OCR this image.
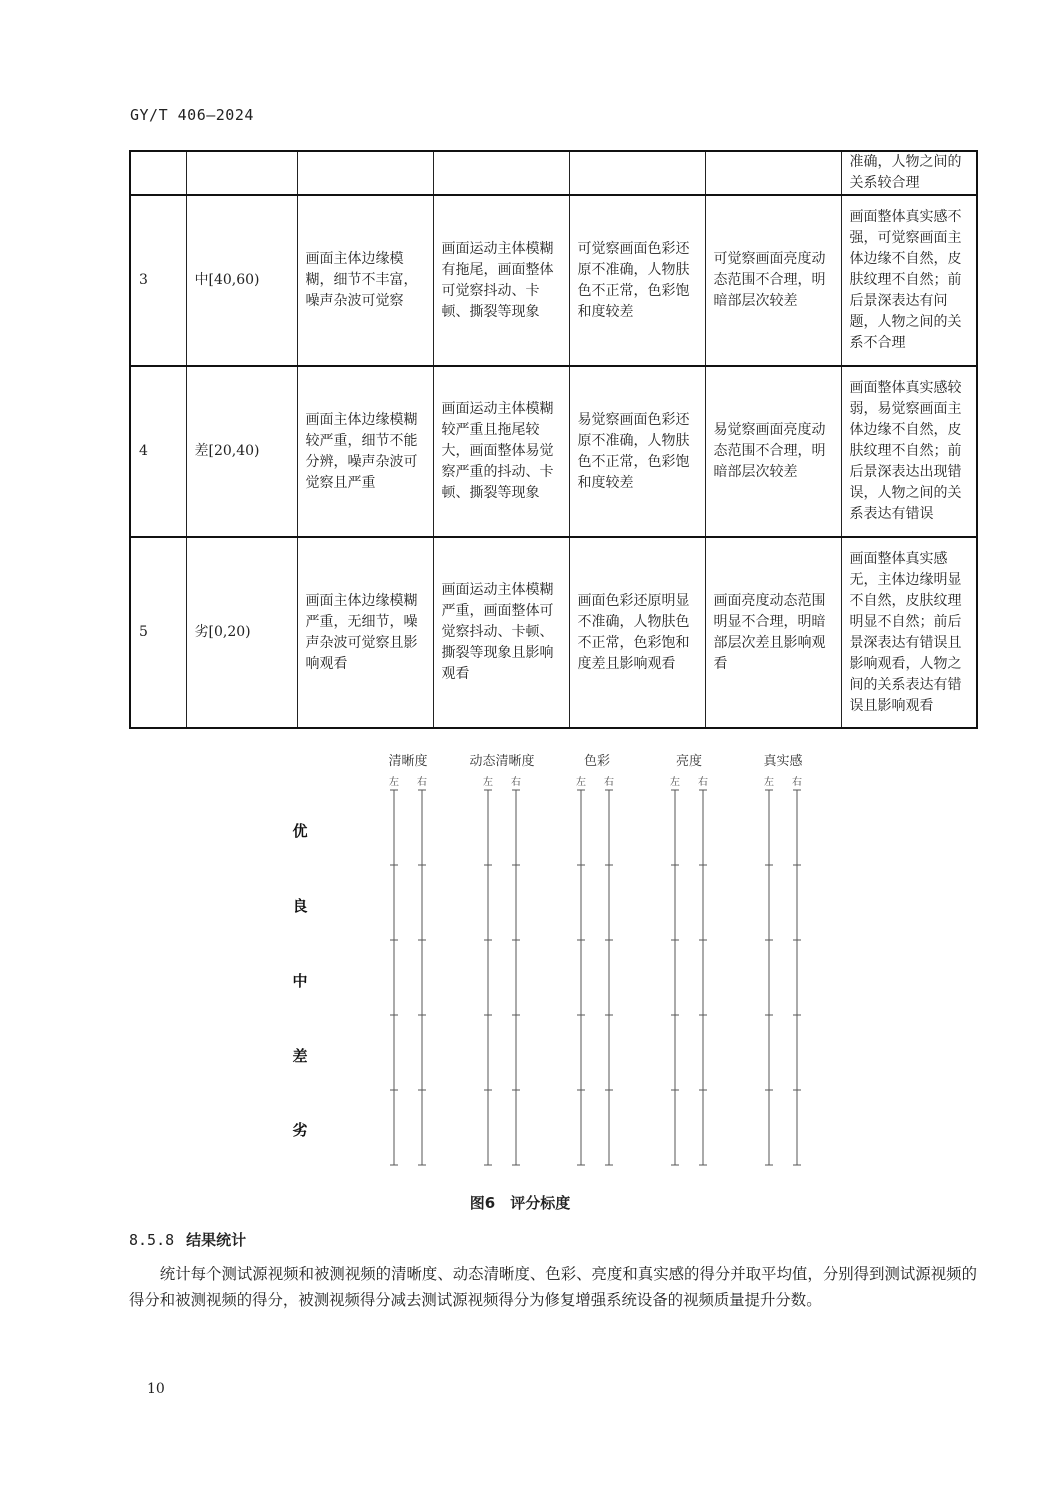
GY/T 406—2024
						准确，人物之间的关系较合理
3	中[40,60)	画面主体边缘模糊，细节不丰富，噪声杂波可觉察	画面运动主体模糊有拖尾，画面整体可觉察抖动、卡顿、撕裂等现象	可觉察画面色彩还原不准确，人物肤色不正常，色彩饱和度较差	可觉察画面亮度动态范围不合理，明暗部层次较差	画面整体真实感不强，可觉察画面主体边缘不自然，皮肤纹理不自然；前后景深表达有问题，人物之间的关系不合理
4	差[20,40)	画面主体边缘模糊较严重，细节不能分辨，噪声杂波可觉察且严重	画面运动主体模糊较严重且拖尾较大，画面整体易觉察严重的抖动、卡顿、撕裂等现象	易觉察画面色彩还原不准确，人物肤色不正常，色彩饱和度较差	易觉察画面亮度动态范围不合理，明暗部层次较差	画面整体真实感较弱，易觉察画面主体边缘不自然，皮肤纹理不自然；前后景深表达出现错误，人物之间的关系表达有错误
5	劣[0,20)	画面主体边缘模糊严重，无细节，噪声杂波可觉察且影响观看	画面运动主体模糊严重，画面整体可觉察抖动、卡顿、撕裂等现象且影响观看	画面色彩还原明显不准确，人物肤色不正常，色彩饱和度差且影响观看	画面亮度动态范围明显不合理，明暗部层次差且影响观看	画面整体真实感无，主体边缘明显不自然，皮肤纹理明显不自然；前后景深表达有错误且影响观看，人物之间的关系表达有错误且影响观看
清晰度	动态清晰度	色彩	亮度	真实感
优
良
中
差
劣
左 右	左 右	左 右	左 右	左 右
图6　评分标度
8.5.8 结果统计
统计每个测试源视频和被测视频的清晰度、动态清晰度、色彩、亮度和真实感的得分并取平均值，分别得到测试源视频的得分和被测视频的得分，被测视频得分减去测试源视频得分为修复增强系统设备的视频质量提升分数。
10
